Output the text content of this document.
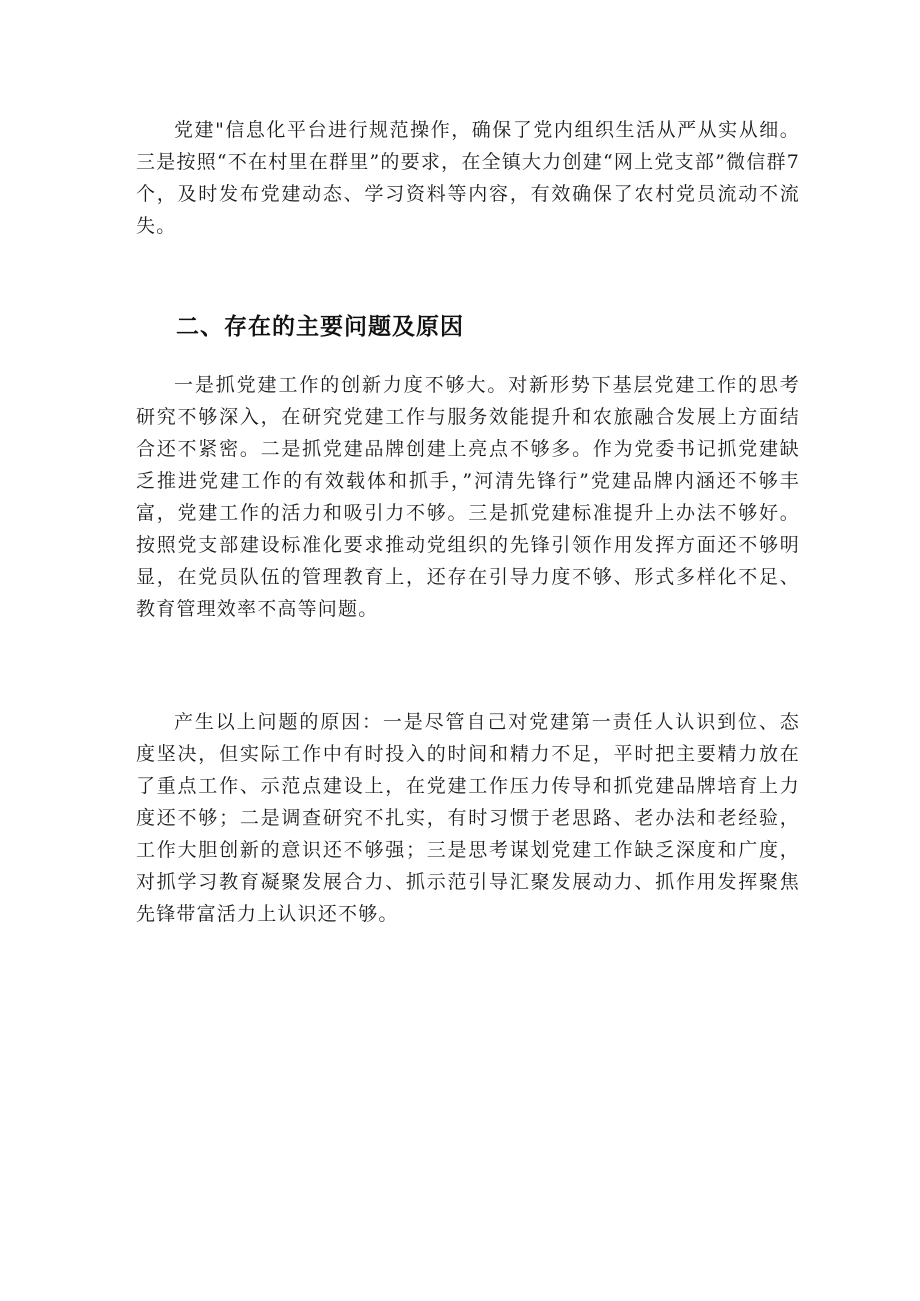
党建"信息化平台进行规范操作，确保了党内组织生活从严从实从细。三是按照“不在村里在群里”的要求，在全镇大力创建“网上党支部”微信群7个，及时发布党建动态、学习资料等内容，有效确保了农村党员流动不流失。

二、存在的主要问题及原因

一是抓党建工作的创新力度不够大。对新形势下基层党建工作的思考研究不够深入，在研究党建工作与服务效能提升和农旅融合发展上方面结合还不紧密。二是抓党建品牌创建上亮点不够多。作为党委书记抓党建缺乏推进党建工作的有效载体和抓手，”河清先锋行”党建品牌内涵还不够丰富，党建工作的活力和吸引力不够。三是抓党建标准提升上办法不够好。按照党支部建设标准化要求推动党组织的先锋引领作用发挥方面还不够明显，在党员队伍的管理教育上，还存在引导力度不够、形式多样化不足、教育管理效率不高等问题。

产生以上问题的原因：一是尽管自己对党建第一责任人认识到位、态度坚决，但实际工作中有时投入的时间和精力不足，平时把主要精力放在了重点工作、示范点建设上，在党建工作压力传导和抓党建品牌培育上力度还不够；二是调查研究不扎实，有时习惯于老思路、老办法和老经验，工作大胆创新的意识还不够强；三是思考谋划党建工作缺乏深度和广度，对抓学习教育凝聚发展合力、抓示范引导汇聚发展动力、抓作用发挥聚焦先锋带富活力上认识还不够。
